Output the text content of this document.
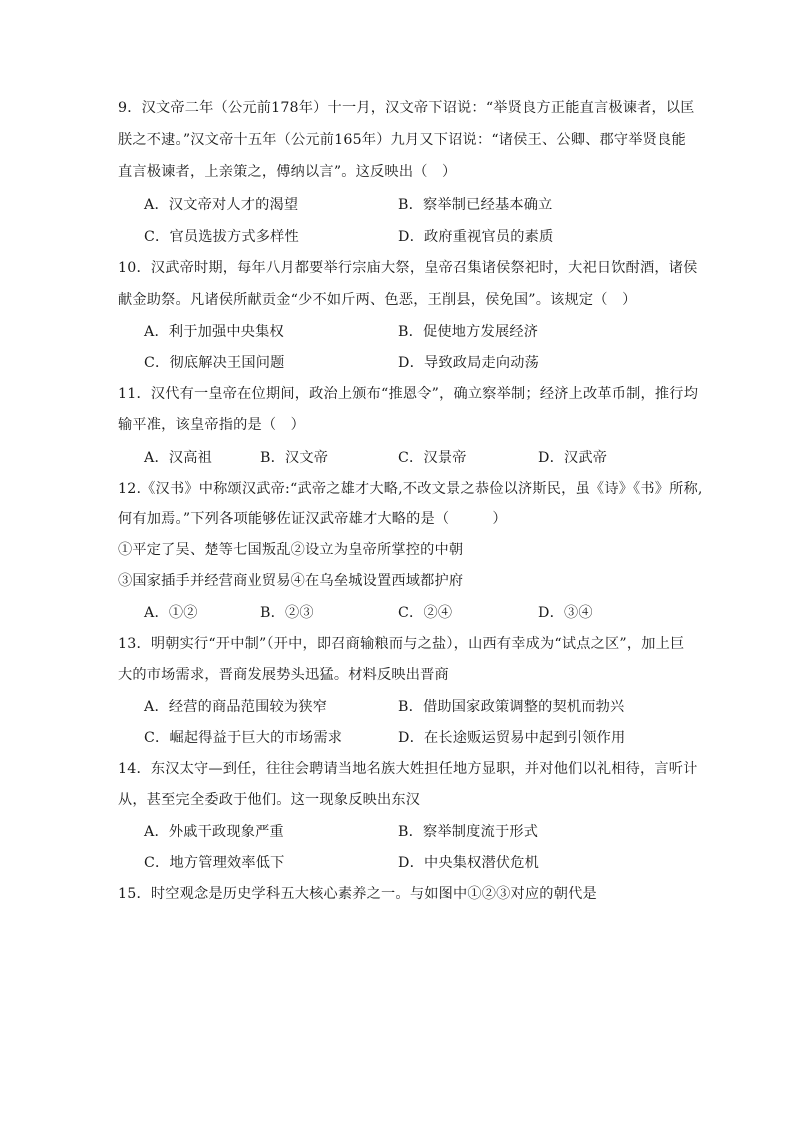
9．汉文帝二年（公元前178年）十一月，汉文帝下诏说：“举贤良方正能直言极谏者，以匡
朕之不逮。”汉文帝十五年（公元前165年）九月又下诏说：“诸侯王、公卿、郡守举贤良能
直言极谏者，上亲策之，傅纳以言”。这反映出（　）
A．汉文帝对人才的渴望	B．察举制已经基本确立
C．官员选拔方式多样性	D．政府重视官员的素质
10．汉武帝时期，每年八月都要举行宗庙大祭，皇帝召集诸侯祭祀时，大祀日饮酎酒，诸侯
献金助祭。凡诸侯所献贡金“少不如斤两、色恶，王削县，侯免国”。该规定（　）
A．利于加强中央集权	B．促使地方发展经济
C．彻底解决王国问题	D．导致政局走向动荡
11．汉代有一皇帝在位期间，政治上颁布“推恩令”，确立察举制；经济上改革币制，推行均
输平准，该皇帝指的是（　）
A．汉高祖	B．汉文帝	C．汉景帝	D．汉武帝
12.《汉书》中称颂汉武帝:“武帝之雄才大略,不改文景之恭俭以济斯民，虽《诗》《书》所称,
何有加焉。”下列各项能够佐证汉武帝雄才大略的是（　　　）
①平定了吴、楚等七国叛乱②设立为皇帝所掌控的中朝
③国家插手并经营商业贸易④在乌垒城设置西域都护府
A．①②	B．②③	C．②④	D．③④
13．明朝实行“开中制”（开中，即召商输粮而与之盐），山西有幸成为“试点之区”，加上巨
大的市场需求，晋商发展势头迅猛。材料反映出晋商
A．经营的商品范围较为狭窄	B．借助国家政策调整的契机而勃兴
C．崛起得益于巨大的市场需求	D．在长途贩运贸易中起到引领作用
14．东汉太守—到任，往往会聘请当地名族大姓担任地方显职，并对他们以礼相待，言听计
从，甚至完全委政于他们。这一现象反映出东汉
A．外戚干政现象严重	B．察举制度流于形式
C．地方管理效率低下	D．中央集权潜伏危机
15．时空观念是历史学科五大核心素养之一。与如图中①②③对应的朝代是
